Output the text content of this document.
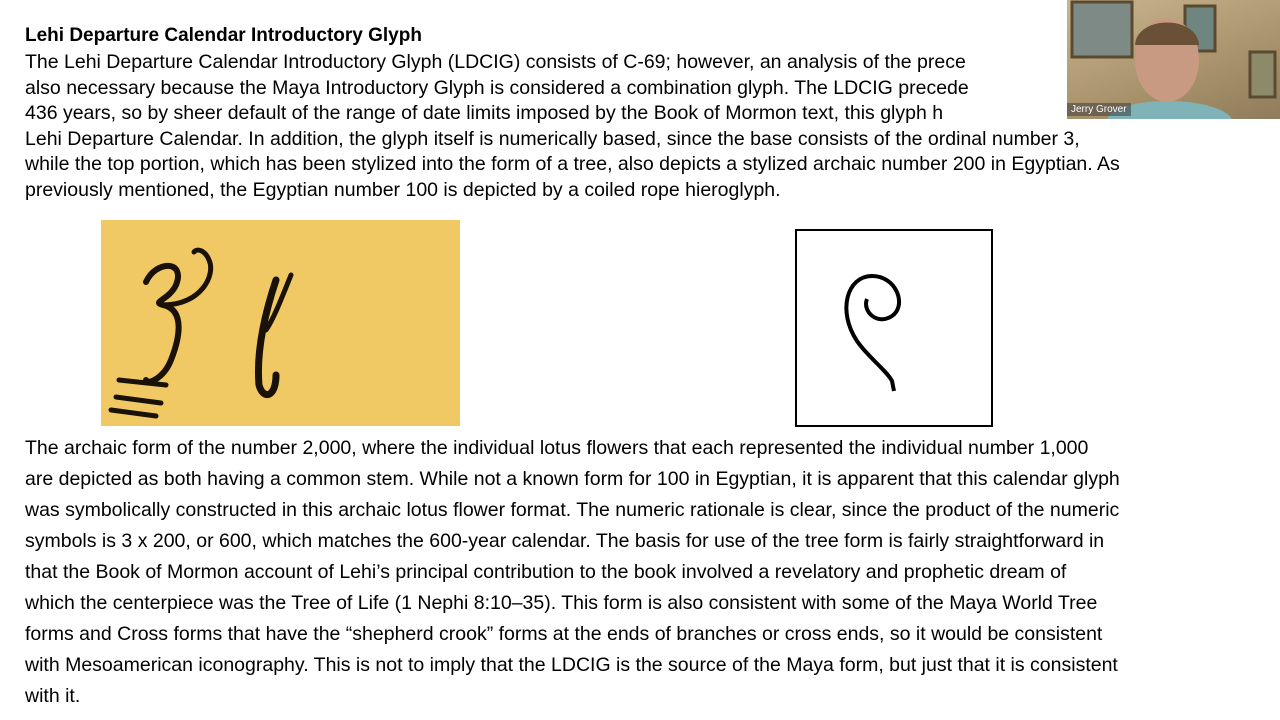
Lehi Departure Calendar Introductory Glyph
The Lehi Departure Calendar Introductory Glyph (LDCIG) consists of C-69; however, an analysis of the prece
also necessary because the Maya Introductory Glyph is considered a combination glyph. The LDCIG precede
436 years, so by sheer default of the range of date limits imposed by the Book of Mormon text, this glyph h
Lehi Departure Calendar. In addition, the glyph itself is numerically based, since the base consists of the ordinal number 3,
while the top portion, which has been stylized into the form of a tree, also depicts a stylized archaic number 200 in Egyptian. As
previously mentioned, the Egyptian number 100 is depicted by a coiled rope hieroglyph.
The archaic form of the number 2,000, where the individual lotus flowers that each represented the individual number 1,000
are depicted as both having a common stem. While not a known form for 100 in Egyptian, it is apparent that this calendar glyph
was symbolically constructed in this archaic lotus flower format. The numeric rationale is clear, since the product of the numeric
symbols is 3 x 200, or 600, which matches the 600-year calendar. The basis for use of the tree form is fairly straightforward in
that the Book of Mormon account of Lehi’s principal contribution to the book involved a revelatory and prophetic dream of
which the centerpiece was the Tree of Life (1 Nephi 8:10–35). This form is also consistent with some of the Maya World Tree
forms and Cross forms that have the “shepherd crook” forms at the ends of branches or cross ends, so it would be consistent
with Mesoamerican iconography. This is not to imply that the LDCIG is the source of the Maya form, but just that it is consistent
with it.
Jerry Grover
